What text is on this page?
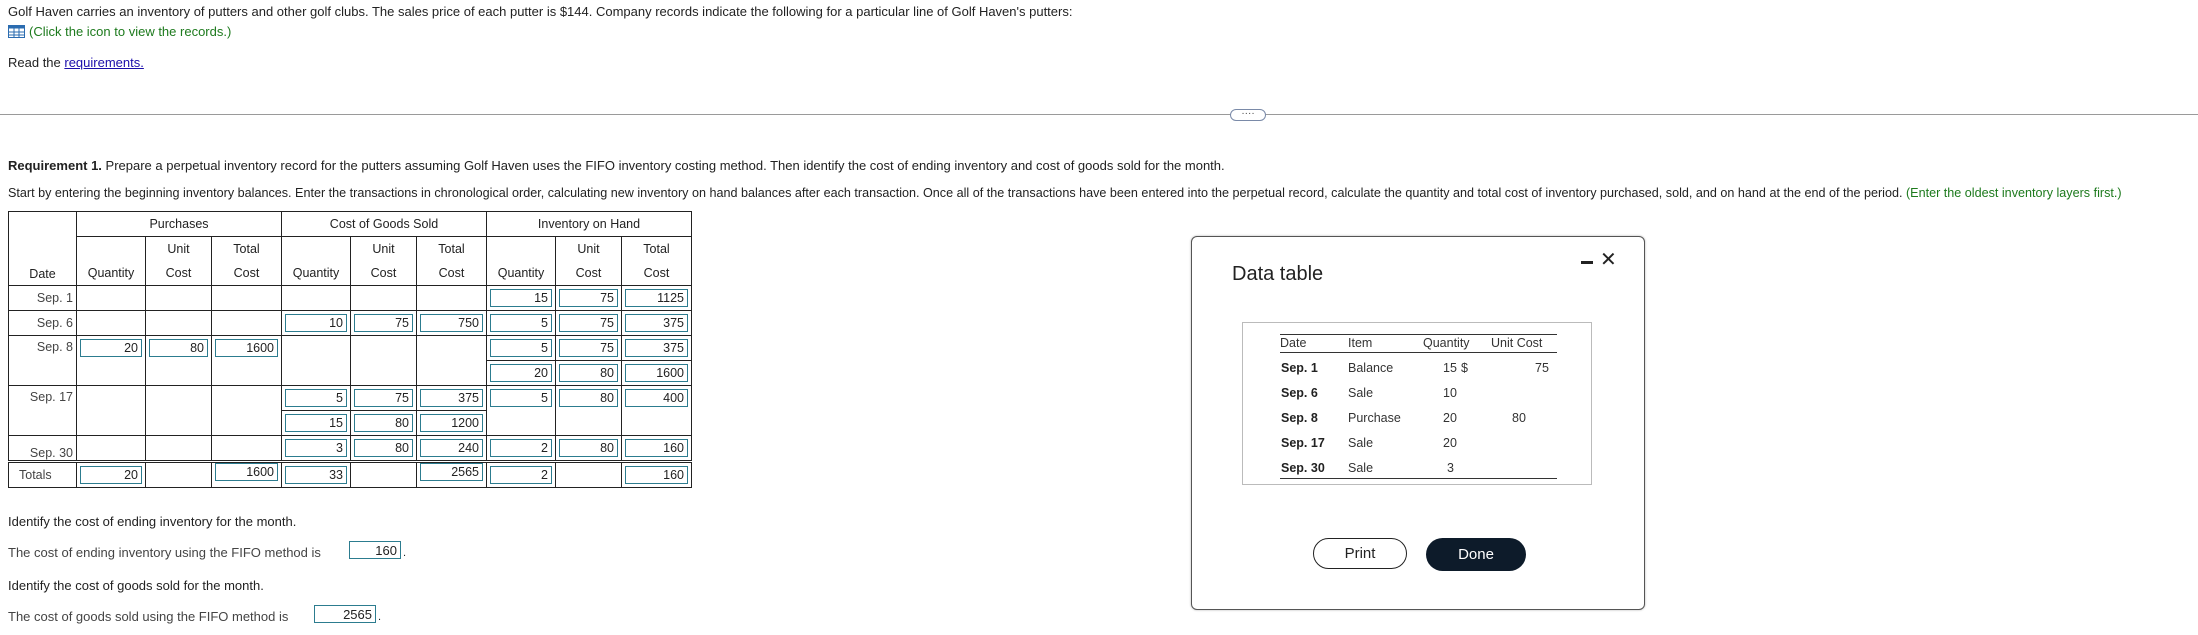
Golf Haven carries an inventory of putters and other golf clubs. The sales price of each putter is $144. Company records indicate the following for a particular line of Golf Haven's putters:
(Click the icon to view the records.)
Read the requirements.
····
Requirement 1. Prepare a perpetual inventory record for the putters assuming Golf Haven uses the FIFO inventory costing method. Then identify the cost of ending inventory and cost of goods sold for the month.
Start by entering the beginning inventory balances. Enter the transactions in chronological order, calculating new inventory on hand balances after each transaction. Once all of the transactions have been entered into the perpetual record, calculate the quantity and total cost of inventory purchased, sold, and on hand at the end of the period. (Enter the oldest inventory layers first.)
Date	Purchases			Cost of Goods Sold			Inventory on Hand		
		Unit	Total		Unit	Total		Unit	Total
	Quantity	Cost	Cost	Quantity	Cost	Cost	Quantity	Cost	Cost
Sep. 1							15	75	1125

Sep. 6				10	75	750	5	75	375

Sep. 8	20	80	1600				5	75	375

							20	80	1600

Sep. 17				5	75	375	5	80	400

				15	80	1200			

Sep. 30				3	80	240	2	80	160

Totals	20		1600	33		2565	2		160
Identify the cost of ending inventory for the month.
The cost of ending inventory using the FIFO method is	160 .
Identify the cost of goods sold for the month.
The cost of goods sold using the FIFO method is	2565 .
Data table
✕
Date	Item	Quantity Unit Cost
Sep. 1 Balance	15 $	75
Sep. 6 Sale	10
Sep. 8 Purchase	20	80
Sep. 17 Sale	20
Sep. 30 Sale	3
Print	Done
